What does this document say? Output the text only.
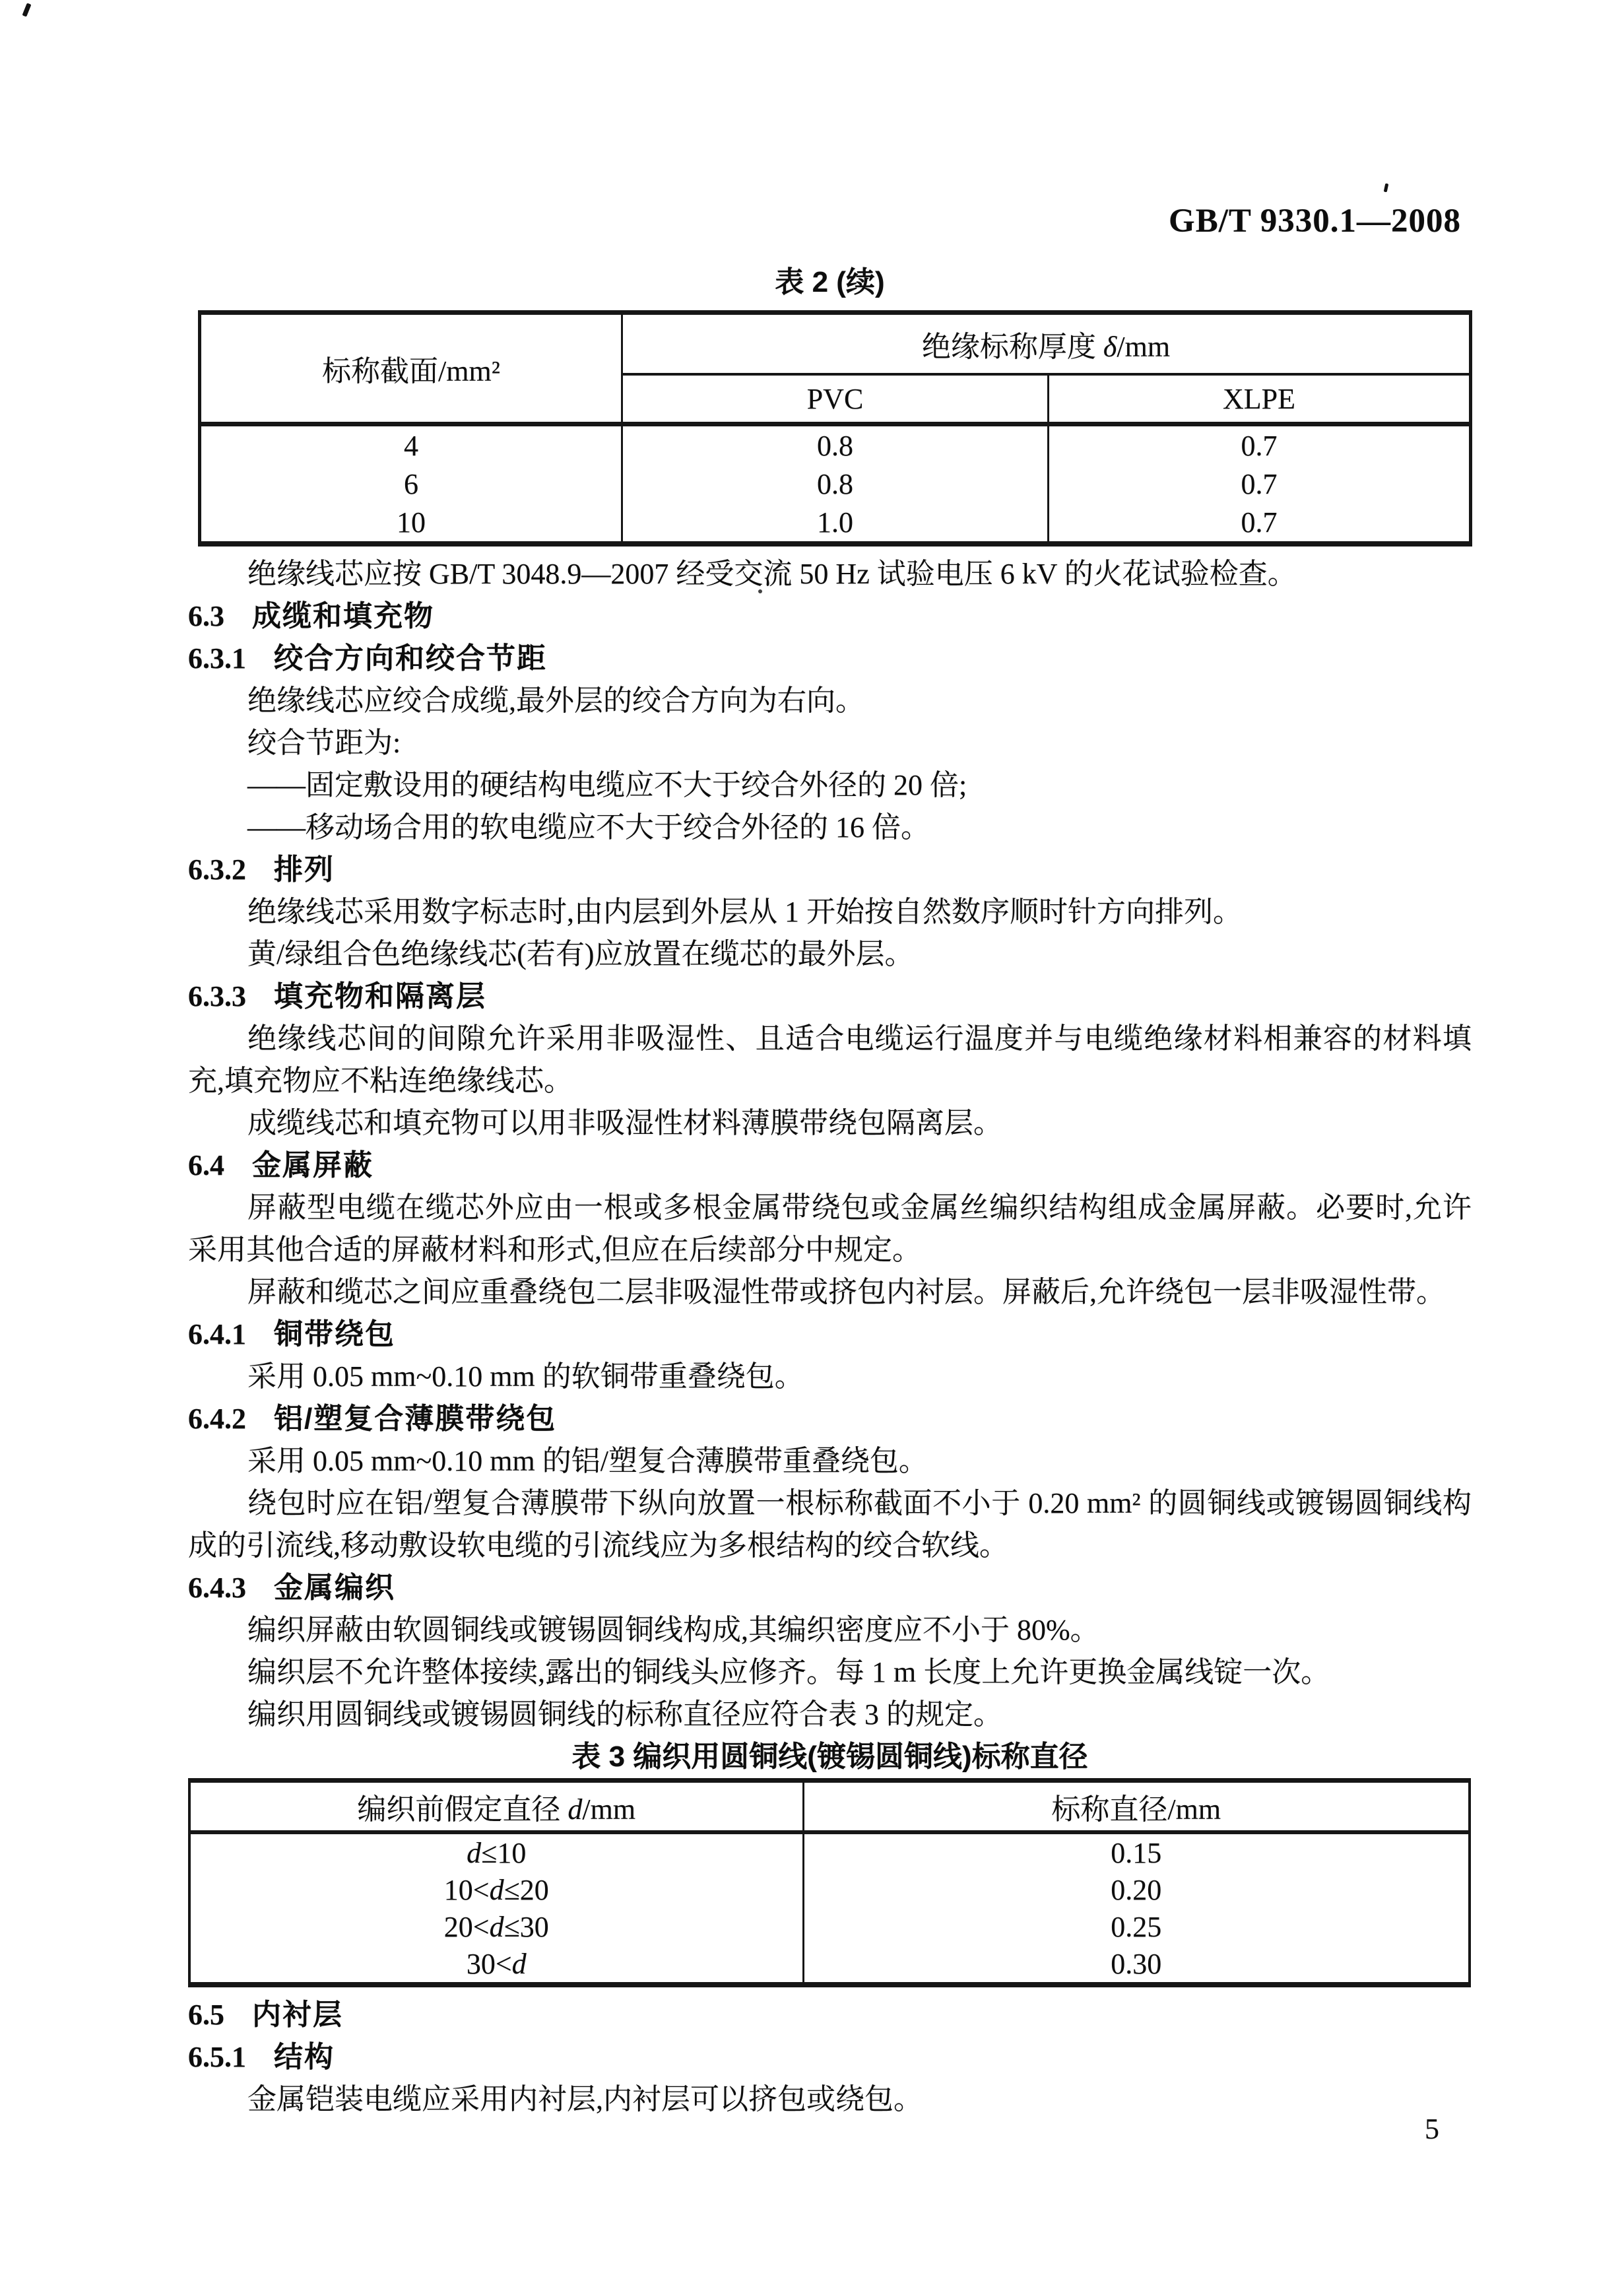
GB/T 9330.1—2008
表 2 (续)
标称截面/mm²	绝缘标称厚度 δ/mm	
	PVC	XLPE
4	0.8	0.7
6	0.8	0.7
10	1.0	0.7

绝缘线芯应按 GB/T 3048.9—2007 经受交流 50 Hz 试验电压 6 kV 的火花试验检查。

6.3 成缆和填充物

6.3.1 绞合方向和绞合节距

绝缘线芯应绞合成缆,最外层的绞合方向为右向。

绞合节距为:

——固定敷设用的硬结构电缆应不大于绞合外径的 20 倍;

——移动场合用的软电缆应不大于绞合外径的 16 倍。

6.3.2 排列

绝缘线芯采用数字标志时,由内层到外层从 1 开始按自然数序顺时针方向排列。

黄/绿组合色绝缘线芯(若有)应放置在缆芯的最外层。

6.3.3 填充物和隔离层

绝缘线芯间的间隙允许采用非吸湿性、且适合电缆运行温度并与电缆绝缘材料相兼容的材料填充,填充物应不粘连绝缘线芯。

成缆线芯和填充物可以用非吸湿性材料薄膜带绕包隔离层。

6.4 金属屏蔽

屏蔽型电缆在缆芯外应由一根或多根金属带绕包或金属丝编织结构组成金属屏蔽。必要时,允许采用其他合适的屏蔽材料和形式,但应在后续部分中规定。

屏蔽和缆芯之间应重叠绕包二层非吸湿性带或挤包内衬层。屏蔽后,允许绕包一层非吸湿性带。

6.4.1 铜带绕包

采用 0.05 mm~0.10 mm 的软铜带重叠绕包。

6.4.2 铝/塑复合薄膜带绕包

采用 0.05 mm~0.10 mm 的铝/塑复合薄膜带重叠绕包。

绕包时应在铝/塑复合薄膜带下纵向放置一根标称截面不小于 0.20 mm² 的圆铜线或镀锡圆铜线构成的引流线,移动敷设软电缆的引流线应为多根结构的绞合软线。

6.4.3 金属编织

编织屏蔽由软圆铜线或镀锡圆铜线构成,其编织密度应不小于 80%。

编织层不允许整体接续,露出的铜线头应修齐。每 1 m 长度上允许更换金属线锭一次。

编织用圆铜线或镀锡圆铜线的标称直径应符合表 3 的规定。

表 3 编织用圆铜线(镀锡圆铜线)标称直径
编织前假定直径 d/mm	标称直径/mm
d≤10	0.15
10<d≤20	0.20
20<d≤30	0.25
30<d	0.30

6.5 内衬层

6.5.1 结构

金属铠装电缆应采用内衬层,内衬层可以挤包或绕包。

5
